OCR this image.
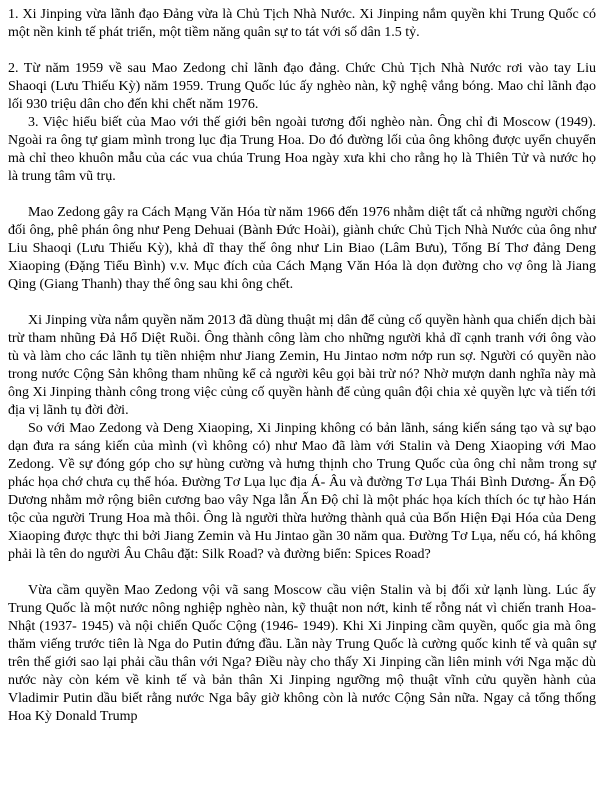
1. Xi Jinping vừa lãnh đạo Đảng vừa là Chủ Tịch Nhà Nước. Xi Jinping nắm quyền khi Trung Quốc có một nền kinh tế phát triển, một tiềm năng quân sự to tát với số dân 1.5 tỷ.

2. Từ năm 1959 về sau Mao Zedong chỉ lãnh đạo đảng. Chức Chủ Tịch Nhà Nước rơi vào tay Liu Shaoqi (Lưu Thiếu Kỳ) năm 1959. Trung Quốc lúc ấy nghèo nàn, kỹ nghệ vắng bóng. Mao chỉ lãnh đạo lối 930 triệu dân cho đến khi chết năm 1976.

3. Việc hiểu biết của Mao với thế giới bên ngoài tương đối nghèo nàn. Ông chỉ đi Moscow (1949). Ngoài ra ông tự giam mình trong lục địa Trung Hoa. Do đó đường lối của ông không được uyển chuyển mà chỉ theo khuôn mẫu của các vua chúa Trung Hoa ngày xưa khi cho rằng họ là Thiên Tử và nước họ là trung tâm vũ trụ.

Mao Zedong gây ra Cách Mạng Văn Hóa từ năm 1966 đến 1976 nhằm diệt tất cả những người chống đối ông, phê phán ông như Peng Dehuai (Bành Đức Hoài), giành chức Chủ Tịch Nhà Nước của ông như Liu Shaoqi (Lưu Thiếu Kỳ), khả dĩ thay thế ông như Lin Biao (Lâm Bưu), Tổng Bí Thơ đảng Deng Xiaoping (Đặng Tiểu Bình) v.v. Mục đích của Cách Mạng Văn Hóa là dọn đường cho vợ ông là Jiang Qing (Giang Thanh) thay thế ông sau khi ông chết.

Xi Jinping vừa nắm quyền năm 2013 đã dùng thuật mị dân để củng cố quyền hành qua chiến dịch bài trừ tham nhũng Đả Hổ Diệt Ruồi. Ông thành công làm cho những người khả dĩ cạnh tranh với ông vào tù và làm cho các lãnh tụ tiền nhiệm như Jiang Zemin, Hu Jintao nơm nớp run sợ. Người có quyền nào trong nước Cộng Sản không tham nhũng kể cả người kêu gọi bài trừ nó? Nhờ mượn danh nghĩa này mà ông Xi Jinping thành công trong việc củng cố quyền hành để củng quân đội chia xẻ quyền lực và tiến tới địa vị lãnh tụ đời đời.

So với Mao Zedong và Deng Xiaoping, Xi Jinping không có bản lãnh, sáng kiến sáng tạo và sự bạo dạn đưa ra sáng kiến của mình (vì không có) như Mao đã làm với Stalin và Deng Xiaoping với Mao Zedong. Về sự đóng góp cho sự hùng cường và hưng thịnh cho Trung Quốc của ông chỉ nằm trong sự phác họa chớ chưa cụ thể hóa. Đường Tơ Lụa lục địa Á- Âu và đường Tơ Lụa Thái Bình Dương- Ấn Độ Dương nhằm mở rộng biên cương bao vây Nga lẫn Ấn Độ chỉ là một phác họa kích thích óc tự hào Hán tộc của người Trung Hoa mà thôi. Ông là người thừa hưởng thành quả của Bốn Hiện Đại Hóa của Deng Xiaoping được thực thi bởi Jiang Zemin và Hu Jintao gần 30 năm qua. Đường Tơ Lụa, nếu có, há không phải là tên do người Âu Châu đặt: Silk Road? và đường biển: Spices Road?

Vừa cầm quyền Mao Zedong vội vã sang Moscow cầu viện Stalin và bị đối xử lạnh lùng. Lúc ấy Trung Quốc là một nước nông nghiệp nghèo nàn, kỹ thuật non nớt, kinh tế rỗng nát vì chiến tranh Hoa- Nhật (1937- 1945) và nội chiến Quốc Cộng (1946- 1949). Khi Xi Jinping cầm quyền, quốc gia mà ông thăm viếng trước tiên là Nga do Putin đứng đầu. Lần này Trung Quốc là cường quốc kinh tế và quân sự trên thế giới sao lại phải cầu thân với Nga? Điều này cho thấy Xi Jinping cần liên minh với Nga mặc dù nước này còn kém về kinh tế và bản thân Xi Jinping ngưỡng mộ thuật vĩnh cửu quyền hành của Vladimir Putin dầu biết rằng nước Nga bây giờ không còn là nước Cộng Sản nữa. Ngay cả tổng thống Hoa Kỳ Donald Trump
